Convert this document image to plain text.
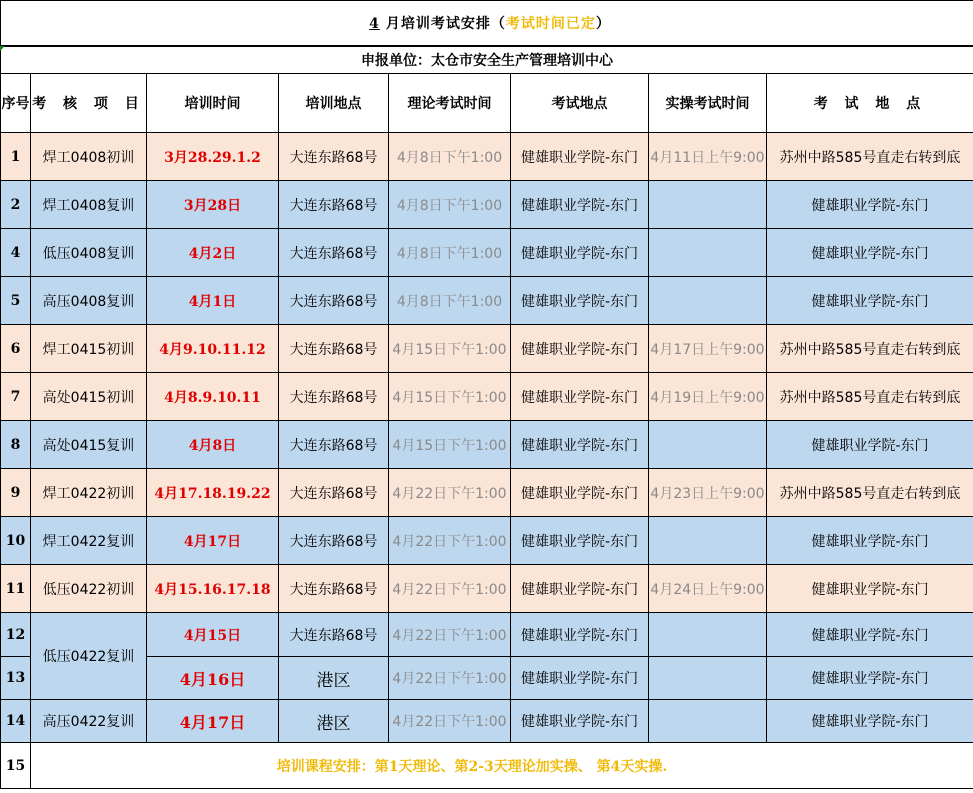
4 月培训考试安排（考试时间已定）							
申报单位：太仓市安全生产管理培训中心							
序号	考 核 项 目	培训时间	培训地点	理论考试时间	考试地点	实操考试时间	考 试 地 点
1	焊工0408初训	3月28.29.1.2	大连东路68号	4月8日下午1:00	健雄职业学院-东门	4月11日上午9:00	苏州中路585号直走右转到底
2	焊工0408复训	3月28日	大连东路68号	4月8日下午1:00	健雄职业学院-东门		健雄职业学院-东门
4	低压0408复训	4月2日	大连东路68号	4月8日下午1:00	健雄职业学院-东门		健雄职业学院-东门
5	高压0408复训	4月1日	大连东路68号	4月8日下午1:00	健雄职业学院-东门		健雄职业学院-东门
6	焊工0415初训	4月9.10.11.12	大连东路68号	4月15日下午1:00	健雄职业学院-东门	4月17日上午9:00	苏州中路585号直走右转到底
7	高处0415初训	4月8.9.10.11	大连东路68号	4月15日下午1:00	健雄职业学院-东门	4月19日上午9:00	苏州中路585号直走右转到底
8	高处0415复训	4月8日	大连东路68号	4月15日下午1:00	健雄职业学院-东门		健雄职业学院-东门
9	焊工0422初训	4月17.18.19.22	大连东路68号	4月22日下午1:00	健雄职业学院-东门	4月23日上午9:00	苏州中路585号直走右转到底
10	焊工0422复训	4月17日	大连东路68号	4月22日下午1:00	健雄职业学院-东门		健雄职业学院-东门
11	低压0422初训	4月15.16.17.18	大连东路68号	4月22日下午1:00	健雄职业学院-东门	4月24日上午9:00	健雄职业学院-东门
12	低压0422复训	4月15日	大连东路68号	4月22日下午1:00	健雄职业学院-东门		健雄职业学院-东门
13		4月16日	港区	4月22日下午1:00	健雄职业学院-东门		健雄职业学院-东门
14	高压0422复训	4月17日	港区	4月22日下午1:00	健雄职业学院-东门		健雄职业学院-东门
15	培训课程安排：第1天理论、第2-3天理论加实操、 第4天实操.						
